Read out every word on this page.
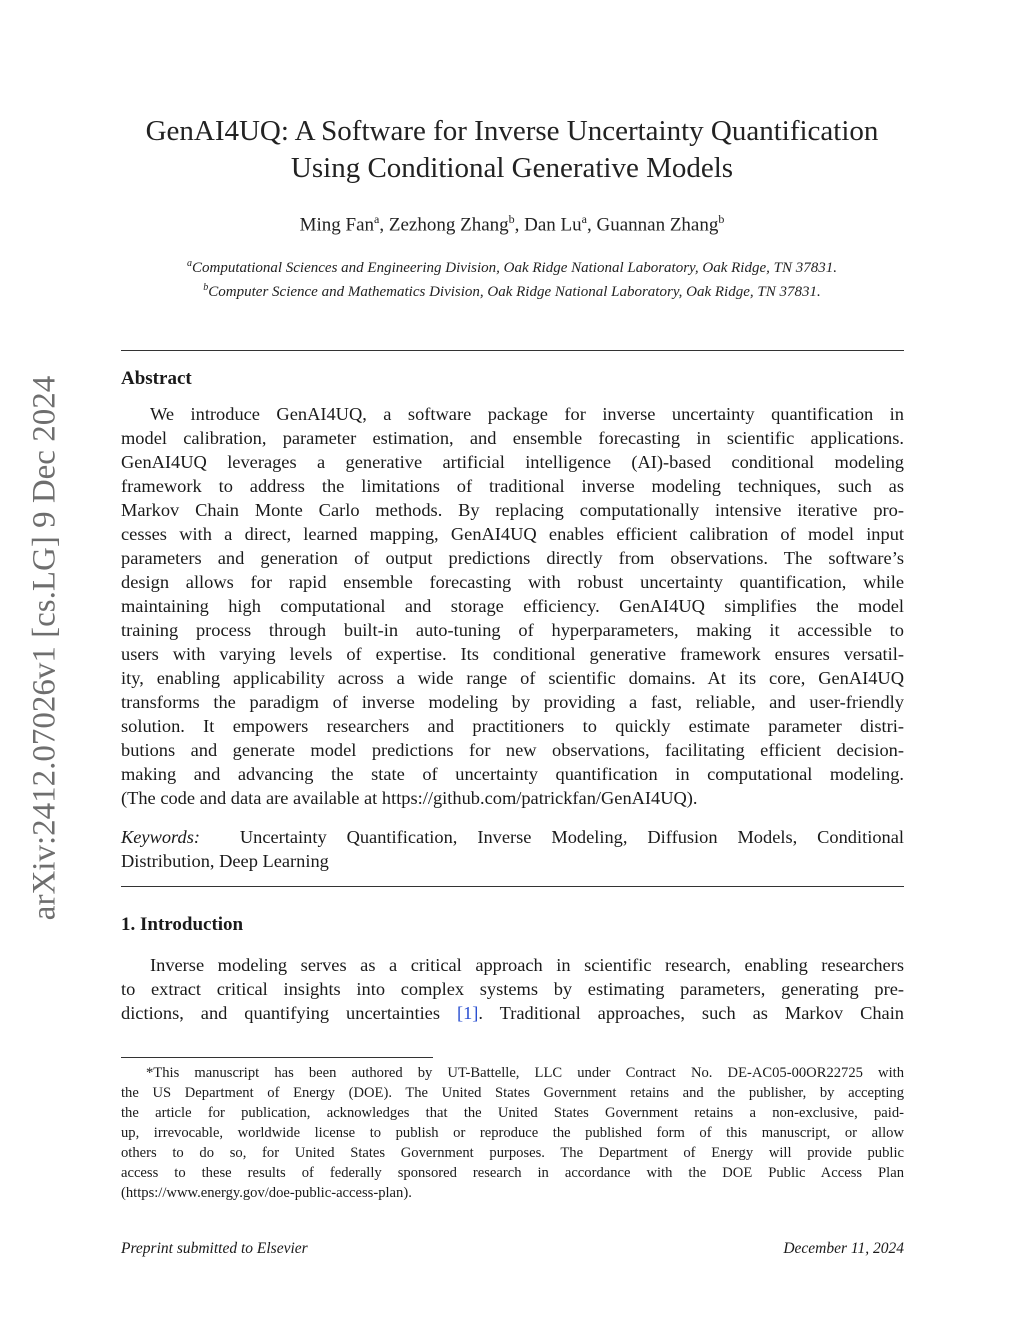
arXiv:2412.07026v1 [cs.LG] 9 Dec 2024
GenAI4UQ: A Software for Inverse Uncertainty Quantification
Using Conditional Generative Models
Ming Fan$^a$, Zezhong Zhang$^b$, Dan Lu$^a$, Guannan Zhang$^b$
$^a$Computational Sciences and Engineering Division, Oak Ridge National Laboratory, Oak Ridge, TN 37831.
$^b$Computer Science and Mathematics Division, Oak Ridge National Laboratory, Oak Ridge, TN 37831.
Abstract
We introduce GenAI4UQ, a software package for inverse uncertainty quantification in
model calibration, parameter estimation, and ensemble forecasting in scientific applications.
GenAI4UQ leverages a generative artificial intelligence (AI)-based conditional modeling
framework to address the limitations of traditional inverse modeling techniques, such as
Markov Chain Monte Carlo methods. By replacing computationally intensive iterative pro-
cesses with a direct, learned mapping, GenAI4UQ enables efficient calibration of model input
parameters and generation of output predictions directly from observations. The software’s
design allows for rapid ensemble forecasting with robust uncertainty quantification, while
maintaining high computational and storage efficiency. GenAI4UQ simplifies the model
training process through built-in auto-tuning of hyperparameters, making it accessible to
users with varying levels of expertise. Its conditional generative framework ensures versatil-
ity, enabling applicability across a wide range of scientific domains. At its core, GenAI4UQ
transforms the paradigm of inverse modeling by providing a fast, reliable, and user-friendly
solution. It empowers researchers and practitioners to quickly estimate parameter distri-
butions and generate model predictions for new observations, facilitating efficient decision-
making and advancing the state of uncertainty quantification in computational modeling.
(The code and data are available at https://github.com/patrickfan/GenAI4UQ).
Keywords: Uncertainty Quantification, Inverse Modeling, Diffusion Models, Conditional
Distribution, Deep Learning
1. Introduction
Inverse modeling serves as a critical approach in scientific research, enabling researchers
to extract critical insights into complex systems by estimating parameters, generating pre-
dictions, and quantifying uncertainties [1]. Traditional approaches, such as Markov Chain
*This manuscript has been authored by UT-Battelle, LLC under Contract No. DE-AC05-00OR22725 with
the US Department of Energy (DOE). The United States Government retains and the publisher, by accepting
the article for publication, acknowledges that the United States Government retains a non-exclusive, paid-
up, irrevocable, worldwide license to publish or reproduce the published form of this manuscript, or allow
others to do so, for United States Government purposes. The Department of Energy will provide public
access to these results of federally sponsored research in accordance with the DOE Public Access Plan
(https://www.energy.gov/doe-public-access-plan).
Preprint submitted to Elsevier	December 11, 2024
